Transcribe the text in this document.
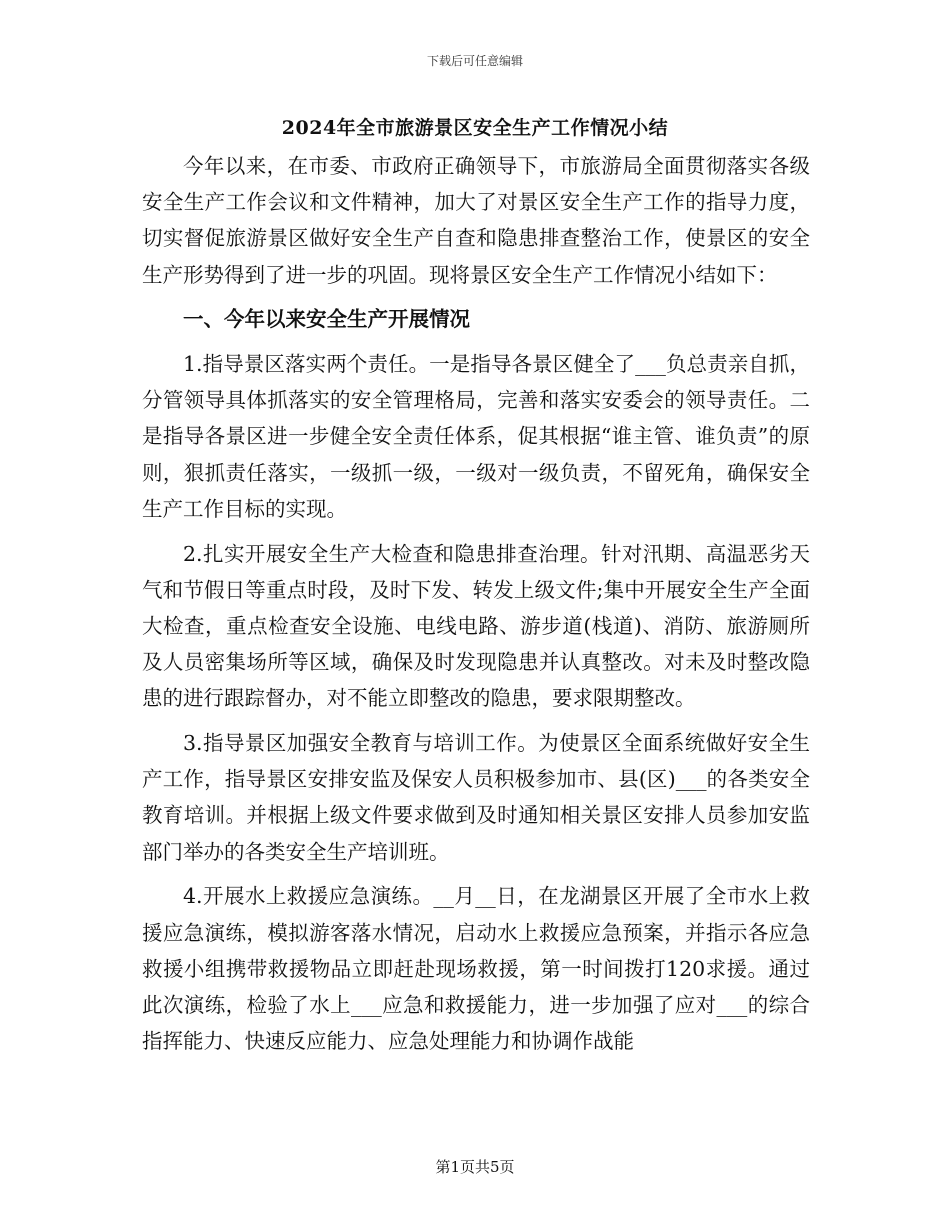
下载后可任意编辑
2024年全市旅游景区安全生产工作情况小结

今年以来，在市委、市政府正确领导下，市旅游局全面贯彻落实各级安全生产工作会议和文件精神，加大了对景区安全生产工作的指导力度，切实督促旅游景区做好安全生产自查和隐患排查整治工作，使景区的安全生产形势得到了进一步的巩固。现将景区安全生产工作情况小结如下：

一、今年以来安全生产开展情况

1.指导景区落实两个责任。一是指导各景区健全了___负总责亲自抓，分管领导具体抓落实的安全管理格局，完善和落实安委会的领导责任。二是指导各景区进一步健全安全责任体系，促其根据“谁主管、谁负责”的原则，狠抓责任落实，一级抓一级，一级对一级负责，不留死角，确保安全生产工作目标的实现。

2.扎实开展安全生产大检查和隐患排查治理。针对汛期、高温恶劣天气和节假日等重点时段，及时下发、转发上级文件;集中开展安全生产全面大检查，重点检查安全设施、电线电路、游步道(栈道)、消防、旅游厕所及人员密集场所等区域，确保及时发现隐患并认真整改。对未及时整改隐患的进行跟踪督办，对不能立即整改的隐患，要求限期整改。

3.指导景区加强安全教育与培训工作。为使景区全面系统做好安全生产工作，指导景区安排安监及保安人员积极参加市、县(区)___的各类安全教育培训。并根据上级文件要求做到及时通知相关景区安排人员参加安监部门举办的各类安全生产培训班。

4.开展水上救援应急演练。__月__日，在龙湖景区开展了全市水上救援应急演练，模拟游客落水情况，启动水上救援应急预案，并指示各应急救援小组携带救援物品立即赶赴现场救援，第一时间拨打120求援。通过此次演练，检验了水上___应急和救援能力，进一步加强了应对___的综合指挥能力、快速反应能力、应急处理能力和协调作战能

第1页共5页
